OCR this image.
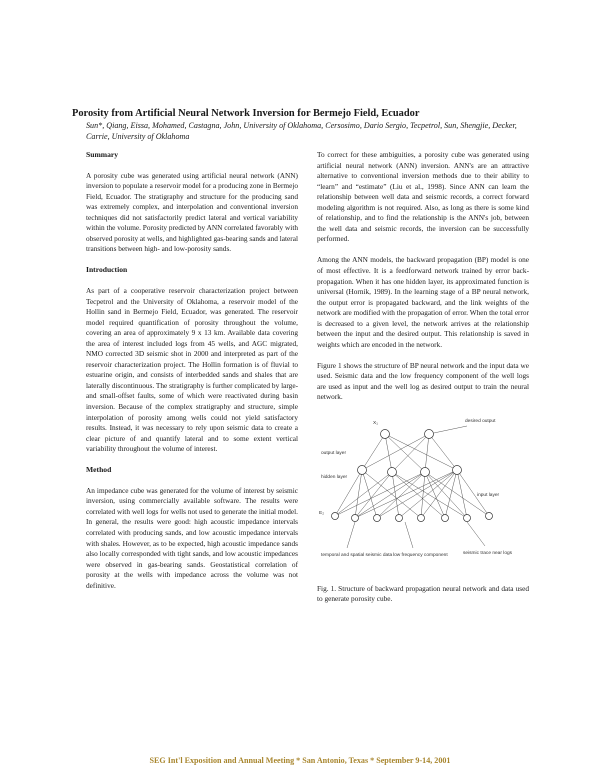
Porosity from Artificial Neural Network Inversion for Bermejo Field, Ecuador
Sun*, Qiang, Eissa, Mohamed, Castagna, John, University of Oklahoma, Cersosimo, Dario Sergio, Tecpetrol, Sun, Shengjie, Decker, Carrie, University of Oklahoma
Summary

A porosity cube was generated using artificial neural network (ANN) inversion to populate a reservoir model for a producing zone in Bermejo Field, Ecuador. The stratigraphy and structure for the producing sand was extremely complex, and interpolation and conventional inversion techniques did not satisfactorily predict lateral and vertical variability within the volume. Porosity predicted by ANN correlated favorably with observed porosity at wells, and highlighted gas-bearing sands and lateral transitions between high- and low-porosity sands.

Introduction

As part of a cooperative reservoir characterization project between Tecpetrol and the University of Oklahoma, a reservoir model of the Hollin sand in Bermejo Field, Ecuador, was generated. The reservoir model required quantification of porosity throughout the volume, covering an area of approximately 9 x 13 km. Available data covering the area of interest included logs from 45 wells, and AGC migrated, NMO corrected 3D seismic shot in 2000 and interpreted as part of the reservoir characterization project. The Hollin formation is of fluvial to estuarine origin, and consists of interbedded sands and shales that are laterally discontinuous. The stratigraphy is further complicated by large- and small-offset faults, some of which were reactivated during basin inversion. Because of the complex stratigraphy and structure, simple interpolation of porosity among wells could not yield satisfactory results. Instead, it was necessary to rely upon seismic data to create a clear picture of and quantify lateral and to some extent vertical variability throughout the volume of interest.

Method

An impedance cube was generated for the volume of interest by seismic inversion, using commercially available software. The results were correlated with well logs for wells not used to generate the initial model. In general, the results were good: high acoustic impedance intervals correlated with producing sands, and low acoustic impedance intervals with shales. However, as to be expected, high acoustic impedance sands also locally corresponded with tight sands, and low acoustic impedances were observed in gas-bearing sands. Geostatistical correlation of porosity at the wells with impedance across the volume was not definitive.

To correct for these ambiguities, a porosity cube was generated using artificial neural network (ANN) inversion. ANN's are an attractive alternative to conventional inversion methods due to their ability to “learn” and “estimate” (Liu et al., 1998). Since ANN can learn the relationship between well data and seismic records, a correct forward modeling algorithm is not required. Also, as long as there is some kind of relationship, and to find the relationship is the ANN's job, between the well data and seismic records, the inversion can be successfully performed.

Among the ANN models, the backward propagation (BP) model is one of most effective. It is a feedforward network trained by error back-propagation. When it has one hidden layer, its approximated function is universal (Hornik, 1989). In the learning stage of a BP neural network, the output error is propagated backward, and the link weights of the network are modified with the propagation of error. When the total error is decreased to a given level, the network arrives at the relationship between the input and the desired output. This relationship is saved in weights which are encoded in the network.

Figure 1 shows the structure of BP neural network and the input data we used. Seismic data and the low frequency component of the well logs are used as input and the well log as desired output to train the neural network.

output layer
hidden layer
input layer
desired output
X₁
E₂
temporal and spatial seismic data low frequency component	seismic trace near logs

Fig. 1. Structure of backward propagation neural network and data used to generate porosity cube.

SEG Int'l Exposition and Annual Meeting * San Antonio, Texas * September 9-14, 2001
